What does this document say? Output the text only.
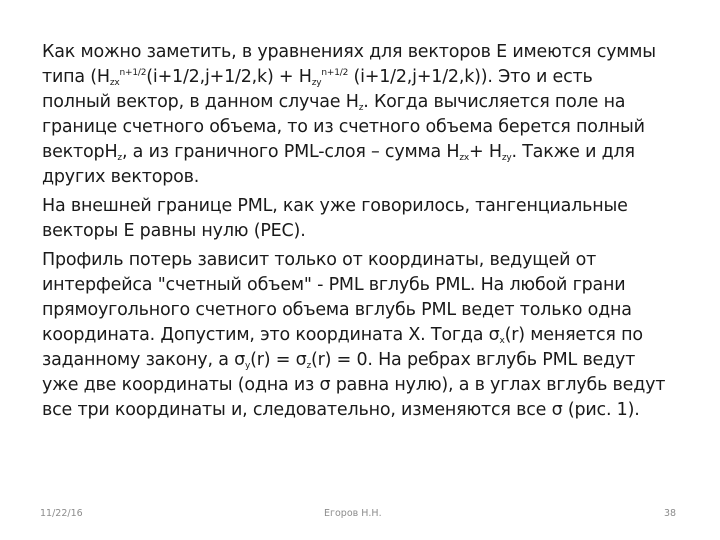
Как можно заметить, в уравнениях для векторов E имеются суммы
типа ($H_{zx}^{n+1/2}(i+1/2,j+1/2,k) + H_{zy}^{n+1/2}$ (i+1/2,j+1/2,k)). Это и есть
полный вектор, в данном случае $H_z$. Когда вычисляется поле на
границе счетного объема, то из счетного объема берется полный
векторH$_z$, а из граничного PML-слоя – сумма $H_{zx}+ H_{zy}$. Также и для
других векторов.

На внешней границе PML, как уже говорилось, тангенциальные
векторы E равны нулю (PEC).

Профиль потерь зависит только от координаты, ведущей от
интерфейса "счетный объем" - PML вглубь PML. На любой грани
прямоугольного счетного объема вглубь PML ведет только одна
координата. Допустим, это координата X. Тогда $\sigma_x(r)$ меняется по
заданному закону, а $\sigma_y(r) = \sigma_z(r) = 0$. На ребрах вглубь PML ведут
уже две координаты (одна из σ равна нулю), а в углах вглубь ведут
все три координаты и, следовательно, изменяются все σ (рис. 1).

11/22/16	Егоров Н.Н.	38
